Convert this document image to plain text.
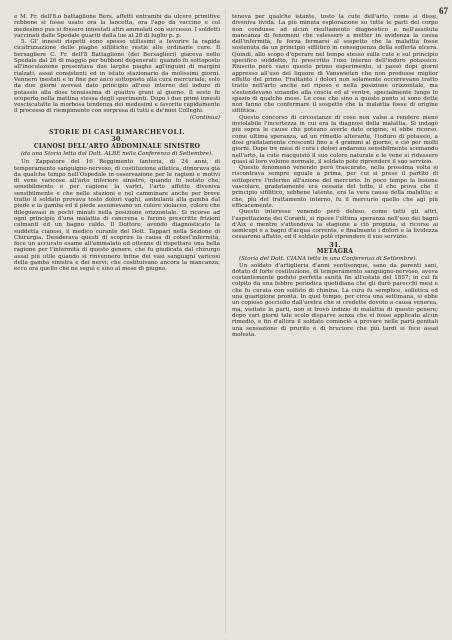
67

e M. Fr. dell'8.o battaglione Bers. affetti entrambi da ulcere primitive rebbene si fosse usato ora la lancetta, ora l'ago da vaccino e col medesimo pus si fossero innestati altri ammalati con successo. I soldetti vaccinati dalle Spedale guariti dalla lue al 28 di luglio p. p.

5. Gl' innesti rispetti sono spesso utilissimi a favorire la rapida cicatrizzazione delle piaghe sifilitiche restie alle ordinarie cure. Il bersagliere C. Fr. dell'8 Battaglione (dei Bersaglieri) giaceva nello Spedale dal 26 di maggio per bubboni degenerati: quando fu sottoposto all'inoculazione presentava due larghe piaghe agl'inguini di margini rialzati, assai consistenti ed in istato stazionario da molissimi giorni. Vennero inestati e in fine per anco sottoposto alla cura mercuriale; solo da due giorni avevasi dato principio all'uso interno del ioduro di potassio alla dose tenuissima di quattro grani al giorno. Il sesto fu scoperto nella mattina stessa degli sperimenti. Dopo i due primi innesti vesciscatatte la morbosa tendenza dei medesimi e favorite rapidamente il processo di riempimento con sorpresa di tutti e de'miei Colleghi.

(Continua)

STORIE DI CASI RIMARCHEVOLI.
30.
CIANOSI DELL'ARTO ADDOMINALE SINISTRO
(da una Storia letta dal Dott. ALBE nella Conferenza di Settembre).

Un Zappatore del 16 Reggimento fanteria, di 24 anni, di temperamento sanguigno-nervoso, di costituzione atletica, dimorava già da qualche tempo nell'Ospedale in osservazione per le ragioni e motivi di vene varicose all'arto inferiore sinistro, quando fu notato che, sensibilmente e per cagione la varici, l'arto affetto diveniva sensibilmente e che nelle stazioni e nel camminare anche per breve tratto il soldato provava tosto dolori vaghi, ambulanti alla gamba dal piede e la gamba ed il piede assumevano un colore violaceo, colore che dileguavasi in pochi minuti nella posizione orizzontale. Si ricorse ad ogni principio d'una malattia di cancrena e furono prescritte frizioni calmanti ed un bagno caldo. Il Dottore, avendo diagnosticato la suddetta cianosi, il medico curante del Dott. Tappari nella Sezione di Chirurgia. Desiderava questi di scoprire la causa di cotest'infermità, fece un accurato esame all'ammalato ed ottenne di rispettare una bella ragione per l'infermità di questo genere, che fu giudicata dal chirurgo assai più utile quando si rinvennero infine dei vasi sanguigni varicosi della gamba sinistra e dei nervi; che costituivano ancora la mancanza; ecco ora quello che ne seguì e sino al mese di giugno.

teneva per qualche istante, tosto la cute dell'arto, come si disse, diveniva livida. La più minuta esplorazione su tutte le parti del corpo non condusse ad alcun risultamento diagnostico e nell'assoluta mancanza di fenomeni che valessero a metter in evidenza la causa dell'infermità, fu forza fermarsi al sospetto che la malattia fosse sostenuta da un principio sifilitico in conseguenza della sofferta ulcera. Quindi, allo scopo d'operare nel tempo stesso sulla cute e sul principio specifico suddetto, fu prescritto l'uso interno dell'ioduro potassico. Riuscito però vano questo primo esperimento, si passò dopi giorni appresso all'uso del liquore di Vanswieten che non produsse miglior effetto del primo. Frattanto i dolori non solamente occorrevano tratto tratto nell'arto anche nel riposo e nella posizione orizzontale, ma s'estendevano eziandio alla coscia ed al ventre, specialmente lungo lo spazio di qualche mese. Le cose che sino a questo punto si sono dette non fanno che confermare il sospetto che la malattia fosse di origine sifilitica.

Questo concorso di circostanze di cose non valse a rendere meno inviolabile l'incertezza in cui era la diagnosi della malattia. Si indagò più sopra le cause che poteano averle dato origine; si ebbe ricorso, come ultima speranza, ad un rimedio alterante, l'ioduro di potassio, a dosi gradatamente crescenti fino a 4 grammi al giorno, e ciò per molti giorni. Dopo tre mesi di cura i dolori andarono sensibilmente scemando nell'arto, la cute riacquistò il suo colore naturale e le vene si ridussero quasi al loro volume normale, il soldato pote riprendere il suo servizio.

Questo fenomeno venendo però trascurato, nella prossima volta si riscontrava sempre uguale a prima, per cui si prese il partito di sottoporre l'infermo all'azione del mercurio. In poco tempo la lesione vascolare, gradatamente era cessata del tutto, il che prova che il principio sifilitico, sebbene latente, era la vera causa della malattia; e che, più del trattamento interno, fu il mercurio quello che agì più efficacemente.

Questo interesse venendo però deluso, come tutti gli altri, l'aspettazione dei Curanti, si ripose l'ultima speranza nell'uso dei bagni d'Aix e mentre s'attendeva la stagione a ciò propizia, si ricorse ai semicupi e a bagni d'acqua corrente, e finalmente i dolori e la lividezza cessarono affatto, ed il soldato potè riprendere il suo servizio.

31.
METAGRA

(Storia del Dott. CIANA letta in una Conferenza di Settembre).

Un soldato d'artiglieria d'anni ventisenque, sano da parenti sani, dotato di forte costituzione, di temperamento sanguigno-nervoso, aveva costantemente goduto perfetta sanità fin all'estate del 1857; in cui fu colpito da una febbre periodica quotidiana che gli durò parecchi mesi e che fu curata con solfato di chinina. La cura fu semplice, solletica ed una guarigione pronta. In quel tempo, per circa una settimana, si ebbe un copioso gocciolio dall'uretra che si credette dovuto a causa venerea, ma, visitate le parti, non si trovò indizio di malattia di questo genere; dopo vari giorni tale scolo disparve senza che vi fosse applicato alcun rimedio, e fin d'allora il soldato cominciò a provare nelle parti genitali una sensazione di prurito e di bruciore che più tardi si fece assai molesta.
